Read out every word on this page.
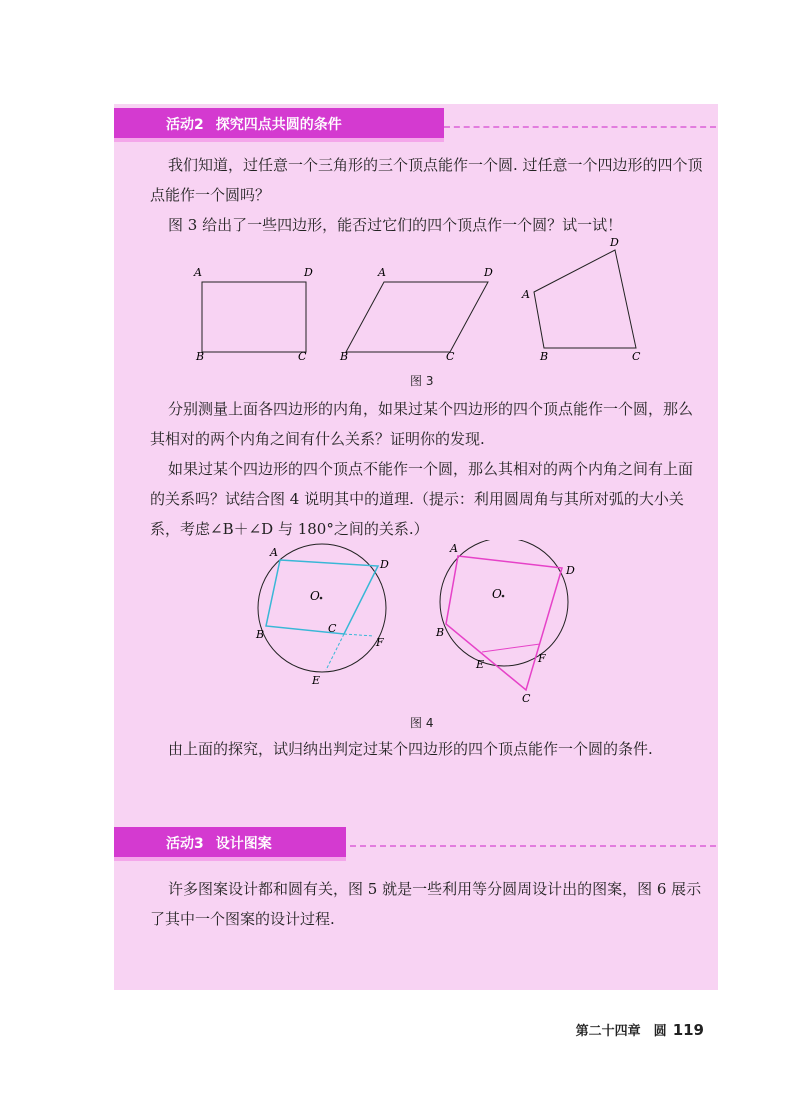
活动2 探究四点共圆的条件

我们知道，过任意一个三角形的三个顶点能作一个圆. 过任意一个四边形的四个顶点能作一个圆吗？

图 3 给出了一些四边形，能否过它们的四个顶点作一个圆？试一试！

A	D
B	C
A	D
B	C
A
D
B	C
图 3

分别测量上面各四边形的内角，如果过某个四边形的四个顶点能作一个圆，那么其相对的两个内角之间有什么关系？证明你的发现.

如果过某个四边形的四个顶点不能作一个圆，那么其相对的两个内角之间有上面的关系吗？试结合图 4 说明其中的道理.（提示：利用圆周角与其所对弧的大小关系，考虑∠B＋∠D 与 180°之间的关系.）

A
D
B	C
F
E
O
A
D
B
E	F
C
O
图 4

由上面的探究，试归纳出判定过某个四边形的四个顶点能作一个圆的条件.

活动3 设计图案

许多图案设计都和圆有关，图 5 就是一些利用等分圆周设计出的图案，图 6 展示了其中一个图案的设计过程.

第二十四章　圆 119
